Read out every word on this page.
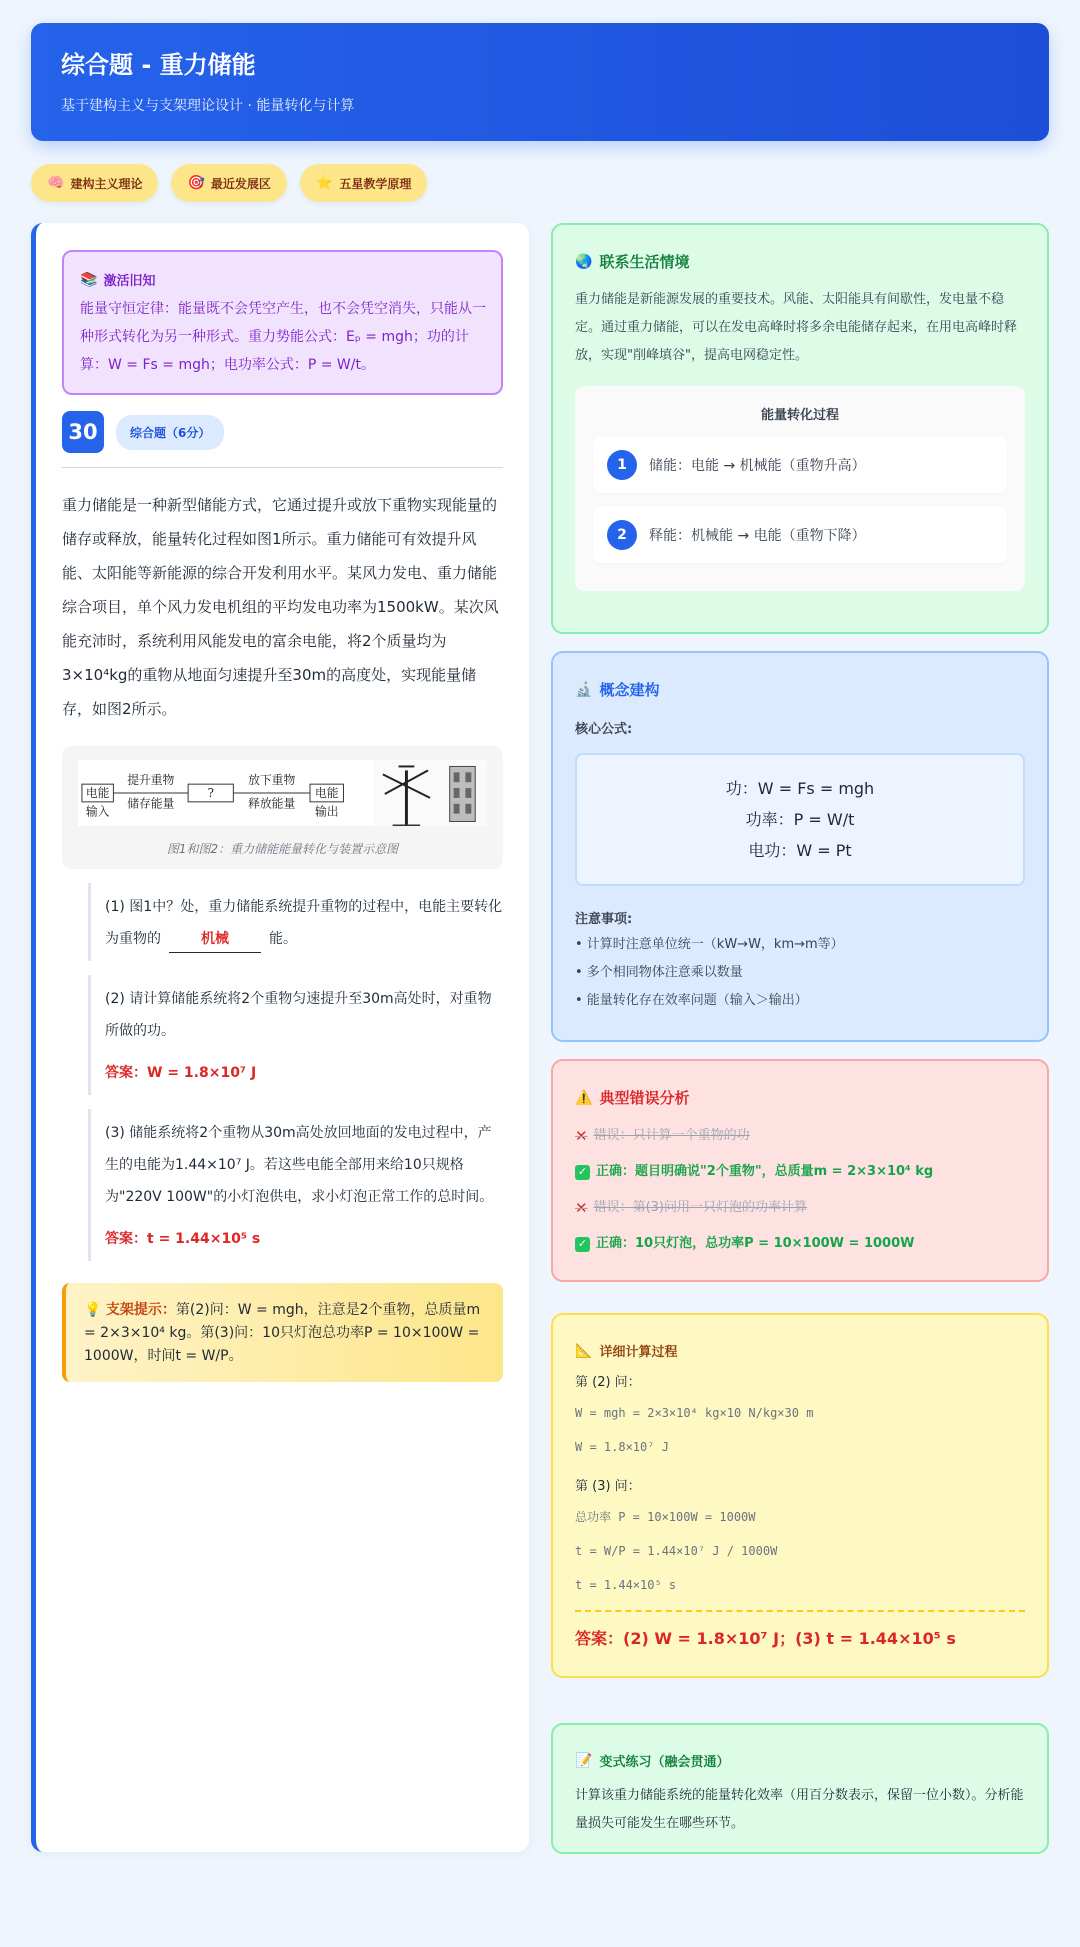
综合题 - 重力储能
基于建构主义与支架理论设计 · 能量转化与计算
🧠 建构主义理论	🎯 最近发展区	⭐ 五星教学原理
📚 激活旧知
能量守恒定律：能量既不会凭空产生，也不会凭空消失，只能从一种形式转化为另一种形式。重力势能公式：Eₚ = mgh；功的计算：W = Fs = mgh；电功率公式：P = W/t。
30	综合题（6分）
重力储能是一种新型储能方式，它通过提升或放下重物实现能量的储存或释放，能量转化过程如图1所示。重力储能可有效提升风能、太阳能等新能源的综合开发利用水平。某风力发电、重力储能综合项目，单个风力发电机组的平均发电功率为1500kW。某次风能充沛时，系统利用风能发电的富余电能，将2个质量均为3×10⁴kg的重物从地面匀速提升至30m的高度处，实现能量储存，如图2所示。
电能
输入
提升重物
储存能量
?
放下重物
释放能量
电能
输出
图1和图2：重力储能能量转化与装置示意图
(1) 图1中？处，重力储能系统提升重物的过程中，电能主要转化为重物的	机械	能。
(2) 请计算储能系统将2个重物匀速提升至30m高处时，对重物所做的功。
答案：W = 1.8×10⁷ J
(3) 储能系统将2个重物从30m高处放回地面的发电过程中，产生的电能为1.44×10⁷ J。若这些电能全部用来给10只规格为"220V 100W"的小灯泡供电，求小灯泡正常工作的总时间。
答案：t = 1.44×10⁵ s
💡 支架提示：第(2)问：W = mgh，注意是2个重物，总质量m = 2×3×10⁴ kg。第(3)问：10只灯泡总功率P = 10×100W = 1000W，时间t = W/P。
🌏 联系生活情境
重力储能是新能源发展的重要技术。风能、太阳能具有间歇性，发电量不稳定。通过重力储能，可以在发电高峰时将多余电能储存起来，在用电高峰时释放，实现"削峰填谷"，提高电网稳定性。
能量转化过程
1	储能：电能 → 机械能（重物升高）
2	释能：机械能 → 电能（重物下降）
🔬 概念建构
核心公式:
功：W = Fs = mgh
功率：P = W/t
电功：W = Pt
注意事项:
• 计算时注意单位统一（kW→W，km→m等）
• 多个相同物体注意乘以数量
• 能量转化存在效率问题（输入＞输出）
⚠️ 典型错误分析
✕ 错误：只计算一个重物的功
✓ 正确：题目明确说"2个重物"，总质量m = 2×3×10⁴ kg
✕ 错误：第(3)问用一只灯泡的功率计算
✓ 正确：10只灯泡，总功率P = 10×100W = 1000W
📐 详细计算过程
第 (2) 问：
W = mgh = 2×3×10⁴ kg×10 N/kg×30 m
W = 1.8×10⁷ J
第 (3) 问：
总功率 P = 10×100W = 1000W
t = W/P = 1.44×10⁷ J / 1000W
t = 1.44×10⁵ s
答案：(2) W = 1.8×10⁷ J；(3) t = 1.44×10⁵ s
📝 变式练习（融会贯通）
计算该重力储能系统的能量转化效率（用百分数表示，保留一位小数）。分析能量损失可能发生在哪些环节。
